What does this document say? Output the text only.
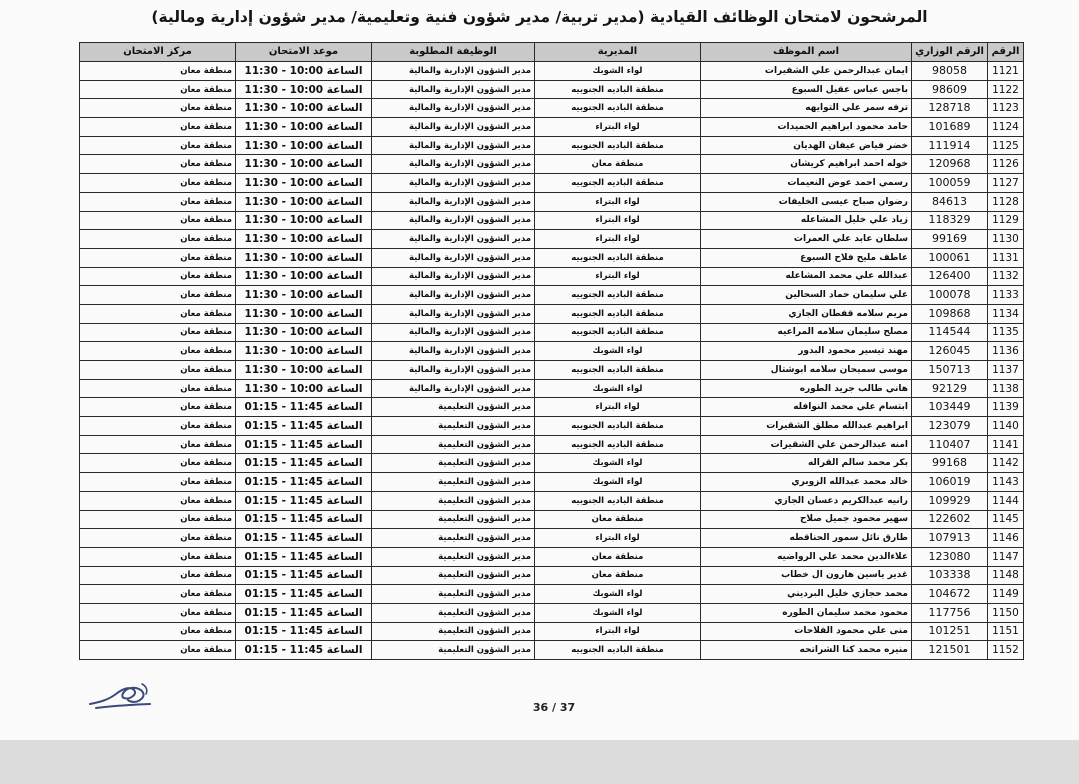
المرشحون لامتحان الوظائف القيادية (مدير تربية/ مدير شؤون فنية وتعليمية/ مدير شؤون إدارية ومالية)
الرقم	الرقم الوزاري	اسم الموظف	المديرية	الوظيفة المطلوبة	موعد الامتحان	مركز الامتحان
1121	98058	ايمان عبدالرحمن علي الشقيرات	لواء الشوبك	مدير الشؤون الإدارية والمالية	الساعة 10:00 - 11:30	منطقة معان
1122	98609	باجس عباس عقيل السبوع	منطقة الباديه الجنوبيه	مدير الشؤون الإدارية والمالية	الساعة 10:00 - 11:30	منطقة معان
1123	128718	ترفه سمر علي التوايهه	منطقة الباديه الجنوبيه	مدير الشؤون الإدارية والمالية	الساعة 10:00 - 11:30	منطقة معان
1124	101689	حامد محمود ابراهيم الحميدات	لواء البتراء	مدير الشؤون الإدارية والمالية	الساعة 10:00 - 11:30	منطقة معان
1125	111914	خضر فياض عيفان الهديان	منطقة الباديه الجنوبيه	مدير الشؤون الإدارية والمالية	الساعة 10:00 - 11:30	منطقة معان
1126	120968	خوله احمد ابراهيم كريشان	منطقة معان	مدير الشؤون الإدارية والمالية	الساعة 10:00 - 11:30	منطقة معان
1127	100059	رسمي احمد عوض النعيمات	منطقة الباديه الجنوبيه	مدير الشؤون الإدارية والمالية	الساعة 10:00 - 11:30	منطقة معان
1128	84613	رضوان صباح عيسى الخليفات	لواء البتراء	مدير الشؤون الإدارية والمالية	الساعة 10:00 - 11:30	منطقة معان
1129	118329	زياد علي خليل المشاعله	لواء البتراء	مدير الشؤون الإدارية والمالية	الساعة 10:00 - 11:30	منطقة معان
1130	99169	سلطان عابد علي العمرات	لواء البتراء	مدير الشؤون الإدارية والمالية	الساعة 10:00 - 11:30	منطقة معان
1131	100061	عاطف مليح فلاح السبوع	منطقة الباديه الجنوبيه	مدير الشؤون الإدارية والمالية	الساعة 10:00 - 11:30	منطقة معان
1132	126400	عبدالله علي محمد المشاعله	لواء البتراء	مدير الشؤون الإدارية والمالية	الساعة 10:00 - 11:30	منطقة معان
1133	100078	علي سليمان حماد السحالين	منطقة الباديه الجنوبيه	مدير الشؤون الإدارية والمالية	الساعة 10:00 - 11:30	منطقة معان
1134	109868	مريم سلامه قفطان الجازي	منطقة الباديه الجنوبيه	مدير الشؤون الإدارية والمالية	الساعة 10:00 - 11:30	منطقة معان
1135	114544	مصلح سليمان سلامه المراعيه	منطقة الباديه الجنوبيه	مدير الشؤون الإدارية والمالية	الساعة 10:00 - 11:30	منطقة معان
1136	126045	مهند تيسير محمود البدور	لواء الشوبك	مدير الشؤون الإدارية والمالية	الساعة 10:00 - 11:30	منطقة معان
1137	150713	موسى سميحان سلامه ابوشتال	منطقة الباديه الجنوبيه	مدير الشؤون الإدارية والمالية	الساعة 10:00 - 11:30	منطقة معان
1138	92129	هاني طالب جريد الطوره	لواء الشوبك	مدير الشؤون الإدارية والمالية	الساعة 10:00 - 11:30	منطقة معان
1139	103449	ابتسام علي محمد النوافله	لواء البتراء	مدير الشؤون التعليمية	الساعة 11:45 - 01:15	منطقة معان
1140	123079	ابراهيم عبدالله مطلق الشقيرات	منطقة الباديه الجنوبيه	مدير الشؤون التعليمية	الساعة 11:45 - 01:15	منطقة معان
1141	110407	امنه عبدالرحمن علي الشقيرات	منطقة الباديه الجنوبيه	مدير الشؤون التعليمية	الساعة 11:45 - 01:15	منطقة معان
1142	99168	بكر محمد سالم القراله	لواء الشوبك	مدير الشؤون التعليمية	الساعة 11:45 - 01:15	منطقة معان
1143	106019	خالد محمد عبدالله الزوبري	لواء الشوبك	مدير الشؤون التعليمية	الساعة 11:45 - 01:15	منطقة معان
1144	109929	رانيه عبدالكريم دعسان الجازي	منطقة الباديه الجنوبيه	مدير الشؤون التعليمية	الساعة 11:45 - 01:15	منطقة معان
1145	122602	سهير محمود جميل صلاح	منطقة معان	مدير الشؤون التعليمية	الساعة 11:45 - 01:15	منطقة معان
1146	107913	طارق نائل سمور الحناقطه	لواء البتراء	مدير الشؤون التعليمية	الساعة 11:45 - 01:15	منطقة معان
1147	123080	علاءالدين محمد علي الرواضيه	منطقة معان	مدير الشؤون التعليمية	الساعة 11:45 - 01:15	منطقة معان
1148	103338	غدير ياسين هارون ال خطاب	منطقة معان	مدير الشؤون التعليمية	الساعة 11:45 - 01:15	منطقة معان
1149	104672	محمد حجازي خليل البرديني	لواء الشوبك	مدير الشؤون التعليمية	الساعة 11:45 - 01:15	منطقة معان
1150	117756	محمود محمد سليمان الطوره	لواء الشوبك	مدير الشؤون التعليمية	الساعة 11:45 - 01:15	منطقة معان
1151	101251	منى علي محمود الفلاحات	لواء البتراء	مدير الشؤون التعليمية	الساعة 11:45 - 01:15	منطقة معان
1152	121501	منيره محمد كنا الشراتحه	منطقة الباديه الجنوبيه	مدير الشؤون التعليمية	الساعة 11:45 - 01:15	منطقة معان
36 / 37
